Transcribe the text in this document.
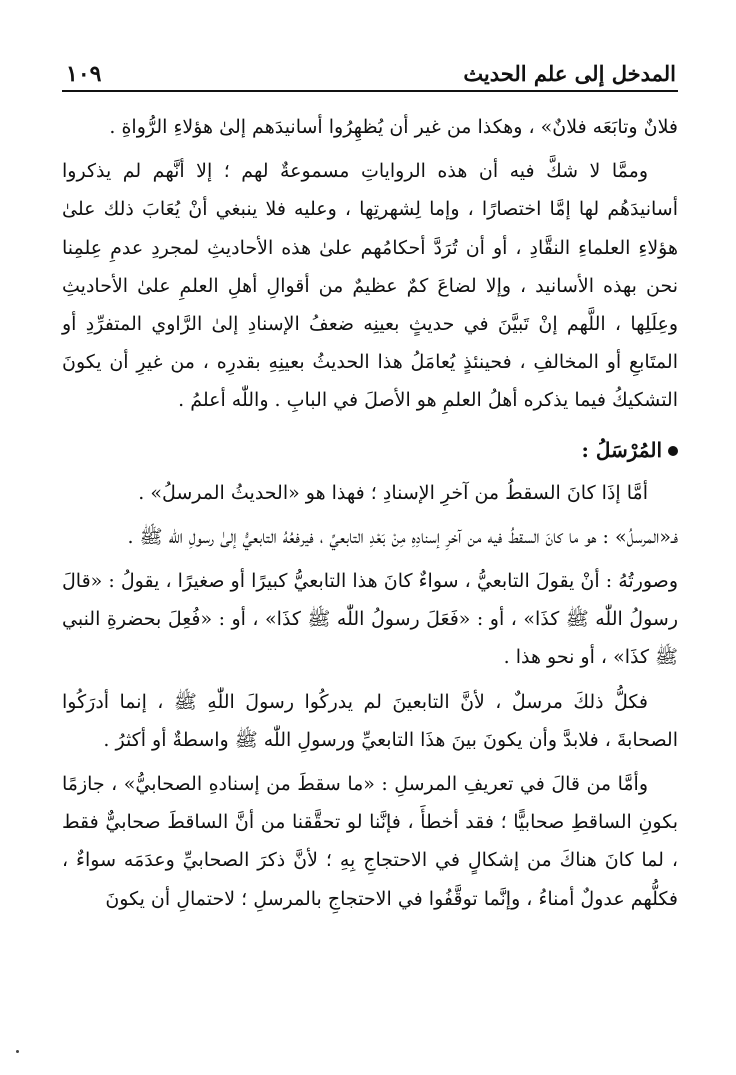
المدخل إلى علم الحديث
١٠٩

فلانٌ وتابَعَه فلانٌ» ، وهكذا من غير أن يُظهِرُوا أسانيدَهم إلىٰ هؤلاءِ الرُّواةِ .

وممَّا لا شكَّ فيه أن هذه الرواياتِ مسموعةٌ لهم ؛ إلا أنَّهم لم يذكروا أسانيدَهُم لها إمَّا اختصارًا ، وإما لِشهرتِها ، وعليه فلا ينبغي أنْ يُعَابَ ذلك علىٰ هؤلاءِ العلماءِ النقَّادِ ، أو أن تُرَدَّ أحكامُهم علىٰ هذه الأحاديثِ لمجردِ عدمِ عِلمِنا نحن بهذه الأسانيد ، وإلا لضاعَ كمٌ عظيمٌ من أقوالِ أهلِ العلمِ علىٰ الأحاديثِ وعِلَلِها ، اللَّهم إنْ تَبيَّنَ في حديثٍ بعينِه ضعفُ الإسنادِ إلىٰ الرَّاوي المتفرِّدِ أو المتَابعِ أو المخالفِ ، فحينئذٍ يُعامَلُ هذا الحديثُ بعينِهِ بقدرِه ، من غيرِ أن يكونَ التشكيكُ فيما يذكره أهلُ العلمِ هو الأصلَ في البابِ . واللّٰه أعلمُ .

المُرْسَلُ :

أمَّا إذَا كانَ السقطُ من آخرِ الإسنادِ ؛ فهذا هو «الحديثُ المرسلُ» .

فـ«المرسلُ» : هو ما كانَ السقطُ فيه من آخرِ إسنادِهِ مِنْ بَعْدِ التابعيِّ ، فيرفعُهُ التابعيُّ إلىٰ رسولِ اللّٰه ﷺ .

وصورتُهُ : أنْ يقولَ التابعيُّ ، سواءٌ كانَ هذا التابعيُّ كبيرًا أو صغيرًا ، يقولُ : «قالَ رسولُ اللّٰه ﷺ كذَا» ، أو : «فَعَلَ رسولُ اللّٰه ﷺ كذَا» ، أو : «فُعِلَ بحضرةِ النبي ﷺ كذَا» ، أو نحو هذا .

فكلُّ ذلكَ مرسلٌ ، لأنَّ التابعينَ لم يدركُوا رسولَ اللّٰهِ ﷺ ، إنما أدرَكُوا الصحابةَ ، فلابدَّ وأن يكونَ بينَ هذَا التابعيِّ ورسولِ اللّٰه ﷺ واسطةٌ أو أكثرُ .

وأمَّا من قالَ في تعريفِ المرسلِ : «ما سقطَ من إسنادهِ الصحابيُّ» ، جازمًا بكونِ الساقطِ صحابيًّا ؛ فقد أخطأَ ، فإنَّنا لو تحقَّقنا من أنَّ الساقطَ صحابيٌّ فقط ، لما كانَ هناكَ من إشكالٍ في الاحتجاجِ بِهِ ؛ لأنَّ ذكرَ الصحابيِّ وعدَمَه سواءٌ ، فكلُّهم عدولٌ أمناءُ ، وإنَّما توقَّفُوا في الاحتجاجِ بالمرسلِ ؛ لاحتمالِ أن يكونَ
